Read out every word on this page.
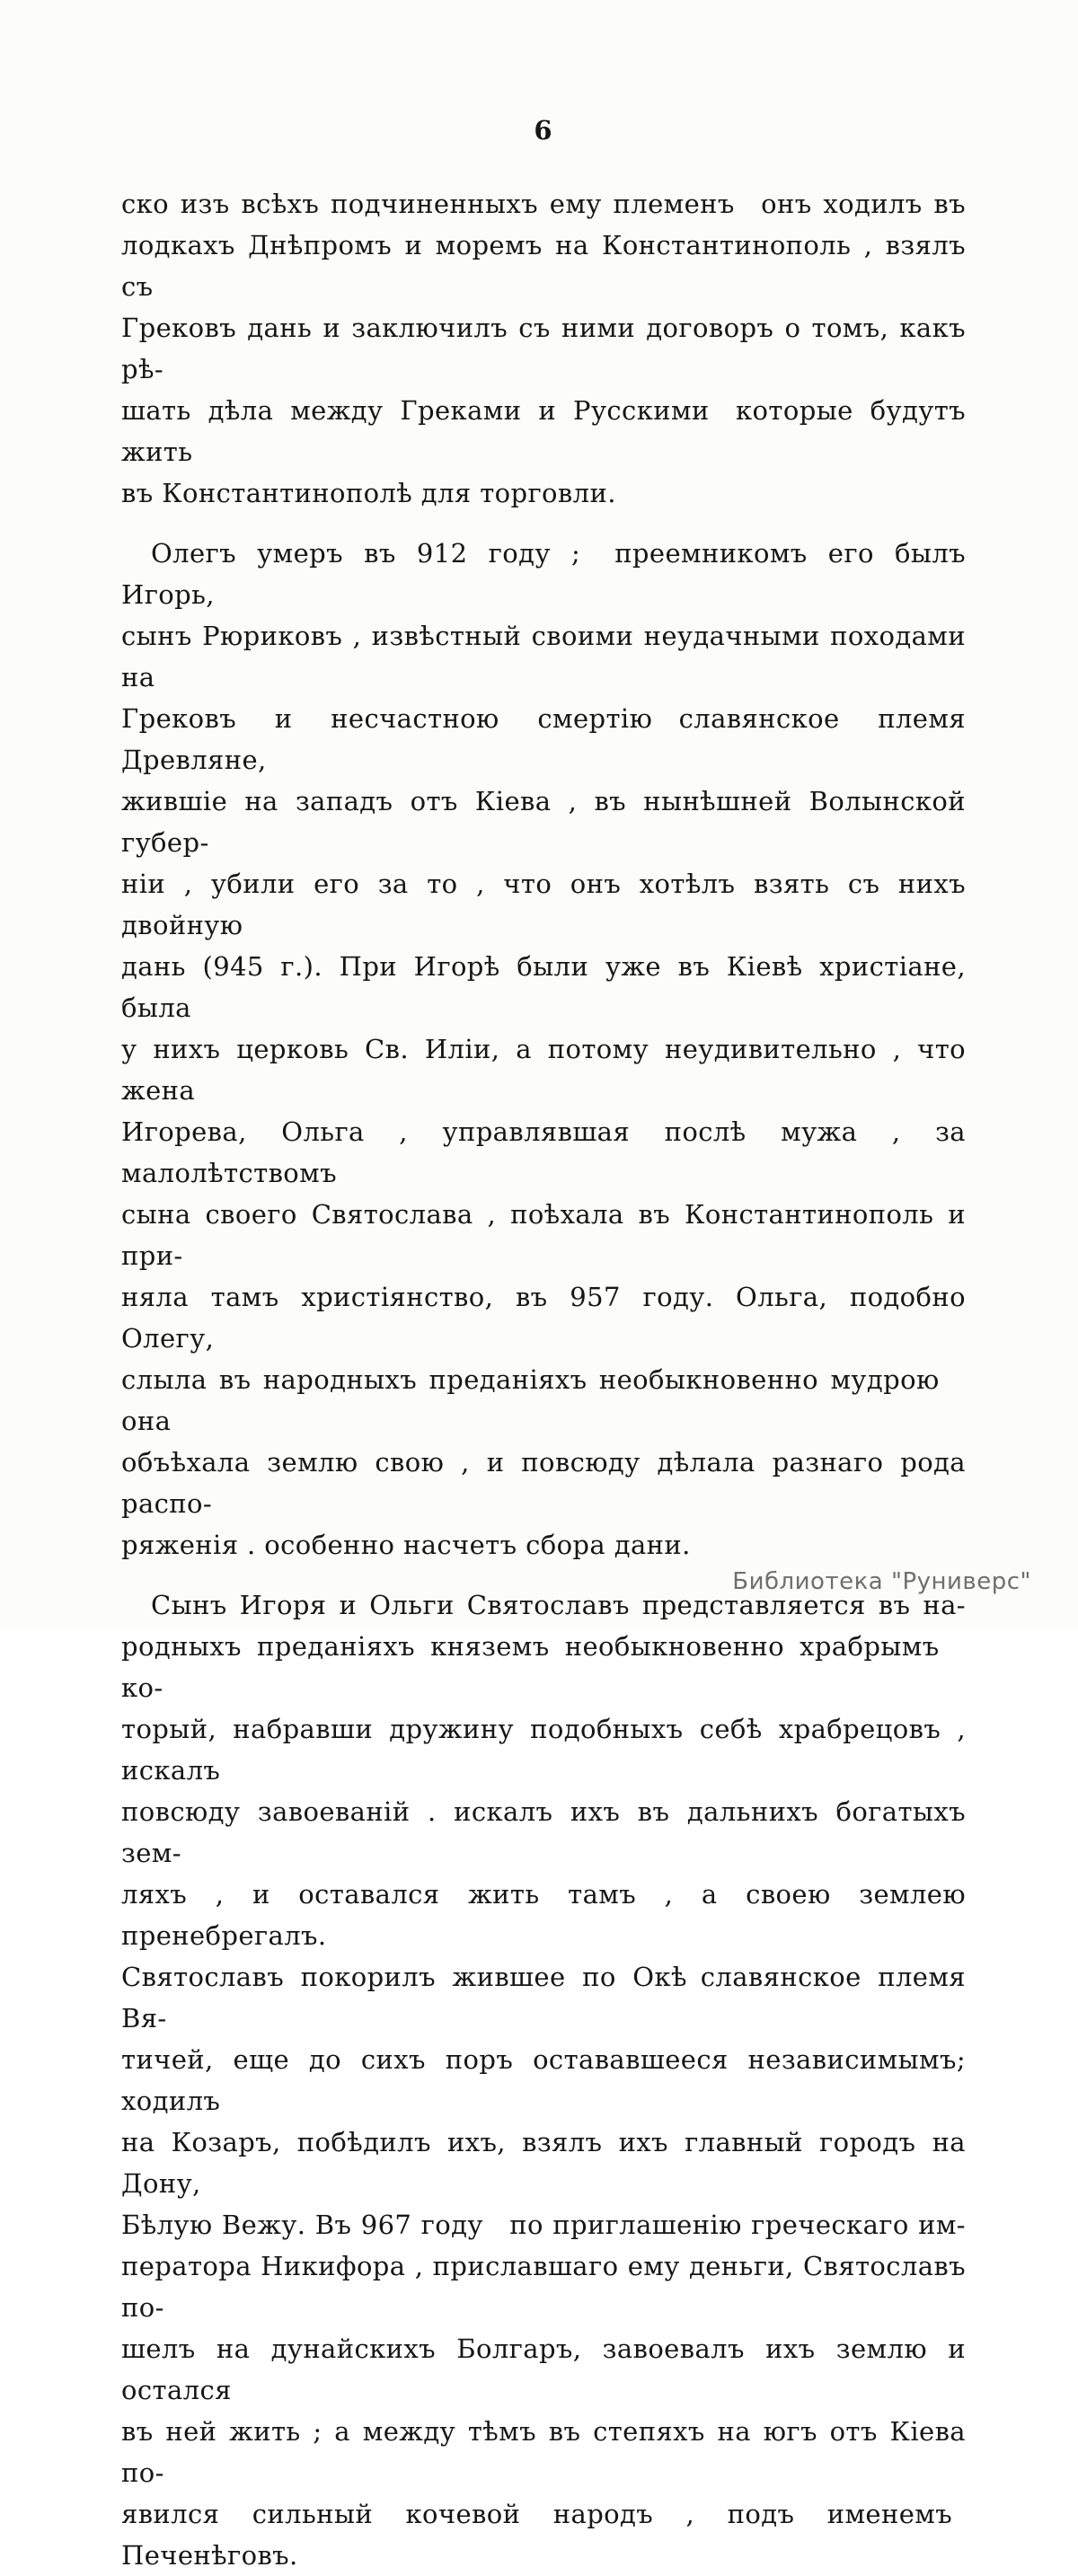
6
ско изъ всѣхъ подчиненныхъ ему племенъ онъ ходилъ въ
лодкахъ Днѣпромъ и моремъ на Константинополь , взялъ съ
Грековъ дань и заключилъ съ ними договоръ о томъ, какъ рѣ-
шать дѣла между Греками и Русскими которые будутъ жить
въ Константинополѣ для торговли.
Олегъ умеръ въ 912 году ;  преемникомъ его былъ Игорь,
сынъ Рюриковъ , извѣстный своими неудачными походами на
Грековъ и несчастною смертію славянское племя Древляне,
жившіе на западъ отъ Кіева , въ нынѣшней Волынской губер-
ніи , убили его за то , что онъ хотѣлъ взять съ нихъ двойную
дань (945 г.). При Игорѣ были уже въ Кіевѣ христіане, была
у нихъ церковь Св. Иліи, а потому неудивительно , что жена
Игорева, Ольга , управлявшая послѣ мужа , за малолѣтствомъ
сына своего Святослава , поѣхала въ Константинополь и при-
няла тамъ христіянство, въ 957 году. Ольга, подобно Олегу,
слыла въ народныхъ преданіяхъ необыкновенно мудрою она
объѣхала землю свою , и повсюду дѣлала разнаго рода распо-
ряженія . особенно насчетъ сбора дани.
Сынъ Игоря и Ольги Святославъ представляется въ на-
родныхъ преданіяхъ княземъ необыкновенно храбрымъ ко-
торый, набравши дружину подобныхъ себѣ храбрецовъ , искалъ
повсюду завоеваній . искалъ ихъ въ дальнихъ богатыхъ зем-
ляхъ , и оставался жить тамъ , а своею землею пренебрегалъ.
Святославъ покорилъ жившее по Окѣ славянское племя Вя-
тичей, еще до сихъ поръ остававшееся независимымъ; ходилъ
на Козаръ, побѣдилъ ихъ, взялъ ихъ главный городъ на Дону,
Бѣлую Вежу. Въ 967 году по приглашенію греческаго им-
ператора Никифора , приславшаго ему деньги, Святославъ по-
шелъ на дунайскихъ Болгаръ, завоевалъ ихъ землю и остался
въ ней жить ; а между тѣмъ въ степяхъ на югъ отъ Кіева по-
явился сильный кочевой народъ , подъ именемъ Печенѣговъ.
Библиотека "Руниверс"
